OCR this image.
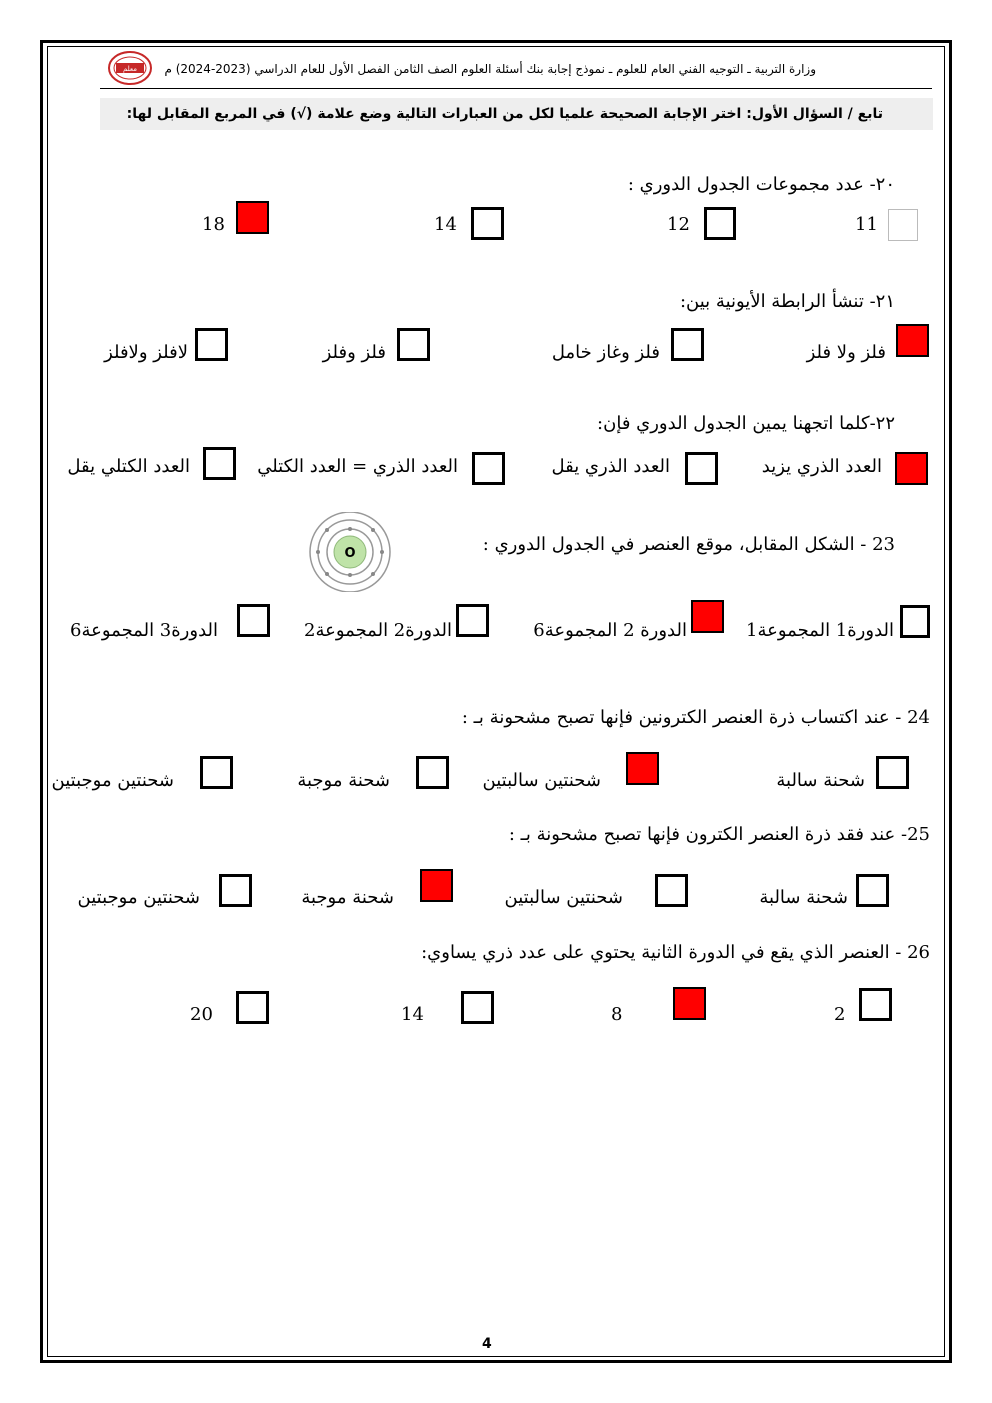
معلم وزارة التربية ـ التوجيه الفني العام للعلوم ـ نموذج إجابة بنك أسئلة العلوم الصف الثامن الفصل الأول للعام الدراسي (2023-2024) م
تابع / السؤال الأول: اختر الإجابة الصحيحة علميا لكل من العبارات التالية وضع علامة (√) في المربع المقابل لها:
٢٠- عدد مجموعات الجدول الدوري :
11
12
14
18
٢١- تنشأ الرابطة الأيونية بين:
فلز ولا فلز
فلز وغاز خامل
فلز وفلز
لافلز ولافلز
٢٢-كلما اتجهنا يمين الجدول الدوري فإن:
العدد الذري يزيد
العدد الذري يقل
العدد الذري = العدد الكتلي
العدد الكتلي يقل
23 - الشكل المقابل، موقع العنصر في الجدول الدوري :
O
الدورة1 المجموعة1
الدورة 2 المجموعة6
الدورة2 المجموعة2
الدورة3 المجموعة6
24 - عند اكتساب ذرة العنصر الكترونين فإنها تصبح مشحونة بـ :
شحنة سالبة
شحنتين سالبتين
شحنة موجبة
شحنتين موجبتين
25- عند فقد ذرة العنصر الكترون فإنها تصبح مشحونة بـ :
شحنة سالبة
شحنتين سالبتين
شحنة موجبة
شحنتين موجبتين
26 - العنصر الذي يقع في الدورة الثانية يحتوي على عدد ذري يساوي:
2
8
14
20
4
